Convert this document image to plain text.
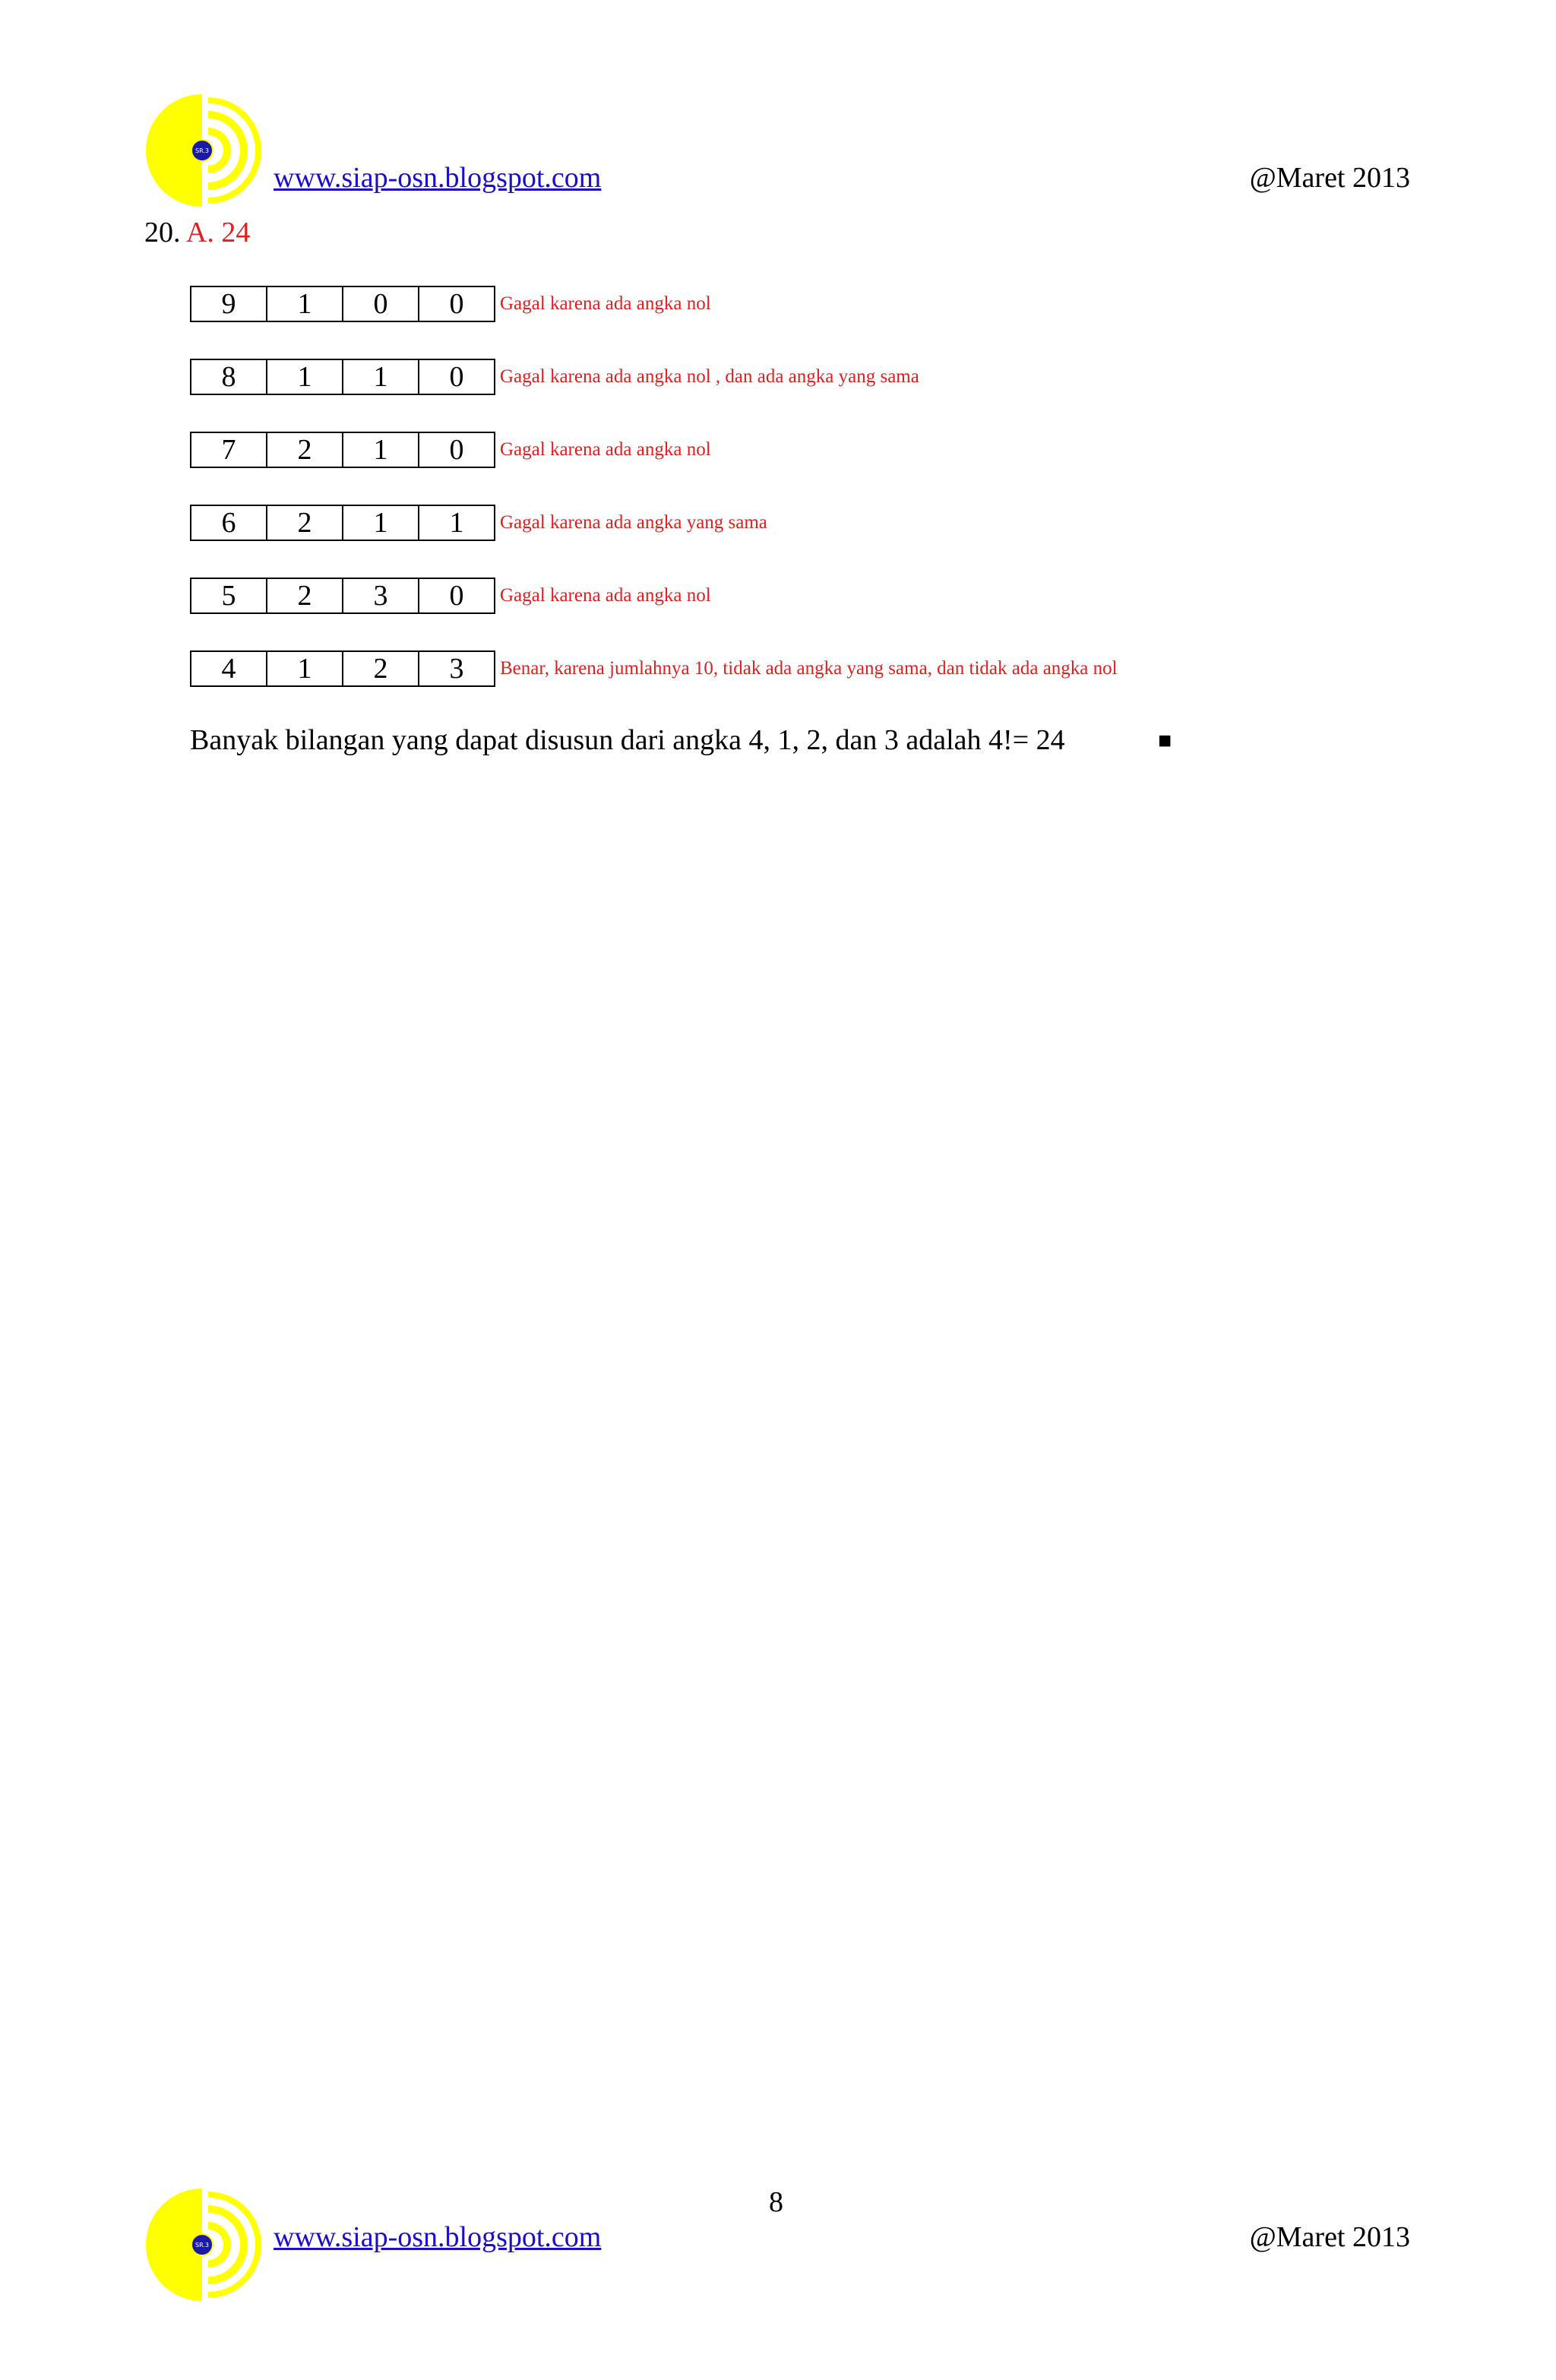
SR.3
www.siap-osn.blogspot.com	@Maret 2013
20. A. 24
9	1	0	0	Gagal karena ada angka nol
8	1	1	0	Gagal karena ada angka nol , dan ada angka yang sama
7	2	1	0	Gagal karena ada angka nol
6	2	1	1	Gagal karena ada angka yang sama
5	2	3	0	Gagal karena ada angka nol
4	1	2	3	Benar, karena jumlahnya 10, tidak ada angka yang sama, dan tidak ada angka nol
Banyak bilangan yang dapat disusun dari angka 4, 1, 2, dan 3 adalah 4!= 24	■
8
SR.3 www.siap-osn.blogspot.com	@Maret 2013
